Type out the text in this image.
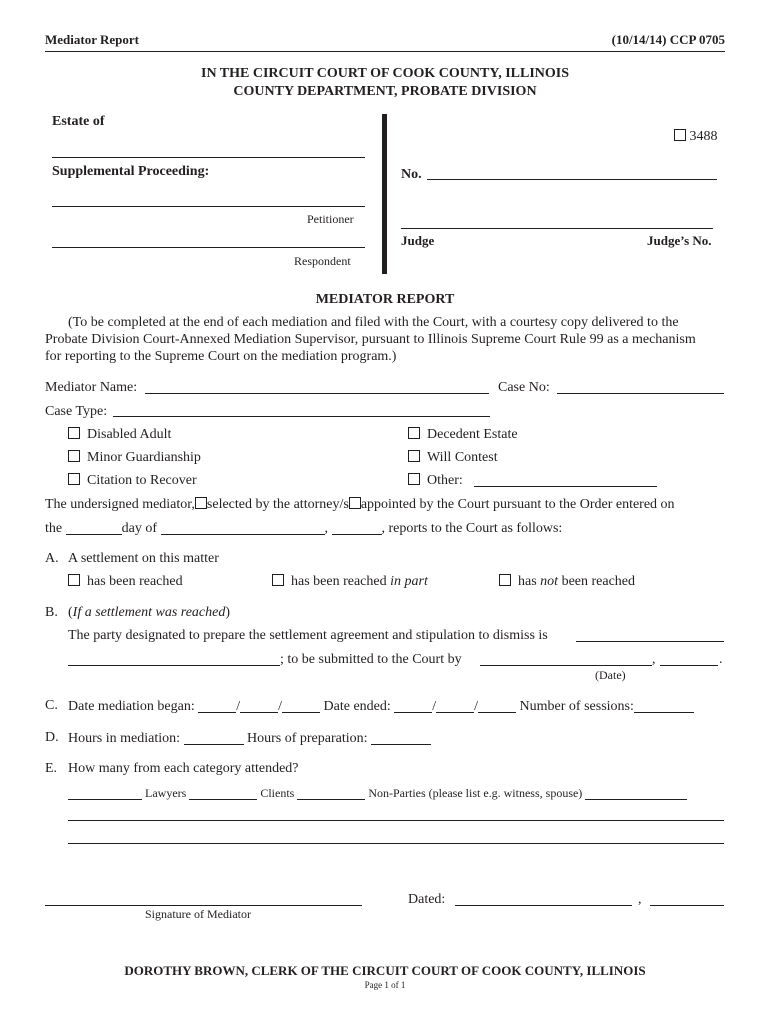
Mediator Report	(10/14/14) CCP 0705
IN THE CIRCUIT COURT OF COOK COUNTY, ILLINOIS
COUNTY DEPARTMENT, PROBATE DIVISION
Estate of
Supplemental Proceeding:
Petitioner
Respondent
3488
No.
Judge	Judge’s No.
MEDIATOR REPORT
(To be completed at the end of each mediation and filed with the Court, with a courtesy copy delivered to the
Probate Division Court-Annexed Mediation Supervisor, pursuant to Illinois Supreme Court Rule 99 as a mechanism
for reporting to the Supreme Court on the mediation program.)
Mediator Name:	Case No:
Case Type:
Disabled Adult	Decedent Estate
Minor Guardianship	Will Contest
Citation to Recover	Other:
The undersigned mediator, selected by the attorney/s appointed by the Court pursuant to the Order entered on
the	day of	,	, reports to the Court as follows:
A. A settlement on this matter
has been reached	has been reached in part	has not been reached
B. (If a settlement was reached)
The party designated to prepare the settlement agreement and stipulation to dismiss is
; to be submitted to the Court by	,	.
(Date)
C. Date mediation began:	/	/	Date ended:	/	/	Number of sessions:
D. Hours in mediation:	Hours of preparation:
E. How many from each category attended?
Lawyers	Clients	Non-Parties (please list e.g. witness, spouse)
Signature of Mediator
Dated:	,
DOROTHY BROWN, CLERK OF THE CIRCUIT COURT OF COOK COUNTY, ILLINOIS
Page 1 of 1
